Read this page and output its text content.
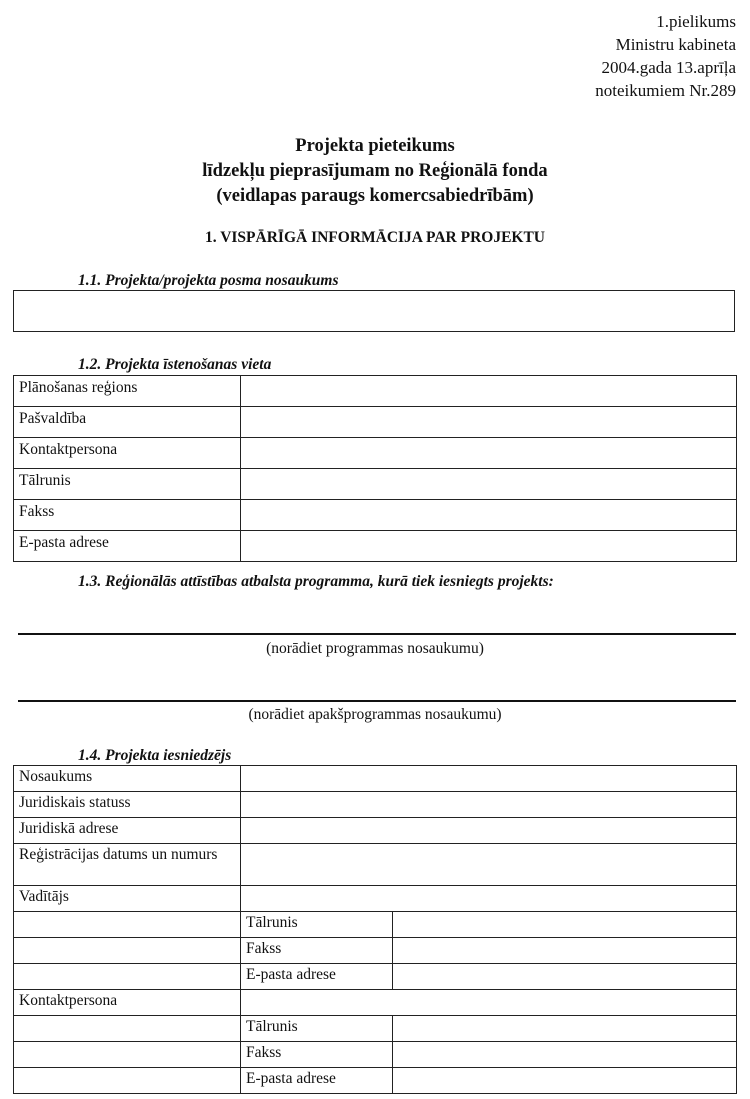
1.pielikums
Ministru kabineta
2004.gada 13.aprīļa
noteikumiem Nr.289
Projekta pieteikums
līdzekļu pieprasījumam no Reģionālā fonda
(veidlapas paraugs komercsabiedrībām)
1. VISPĀRĪGĀ INFORMĀCIJA PAR PROJEKTU
1.1. Projekta/projekta posma nosaukums
1.2. Projekta īstenošanas vieta
Plānošanas reģions	
Pašvaldība	
Kontaktpersona	
Tālrunis	
Fakss	
E-pasta adrese	
1.3. Reģionālās attīstības atbalsta programma, kurā tiek iesniegts projekts:
(norādiet programmas nosaukumu)
(norādiet apakšprogrammas nosaukumu)
1.4. Projekta iesniedzējs
Nosaukums		
Juridiskais statuss		
Juridiskā adrese		
Reģistrācijas datums un numurs		
Vadītājs		
	Tālrunis	
	Fakss	
	E-pasta adrese	
Kontaktpersona		
	Tālrunis	
	Fakss	
	E-pasta adrese	
